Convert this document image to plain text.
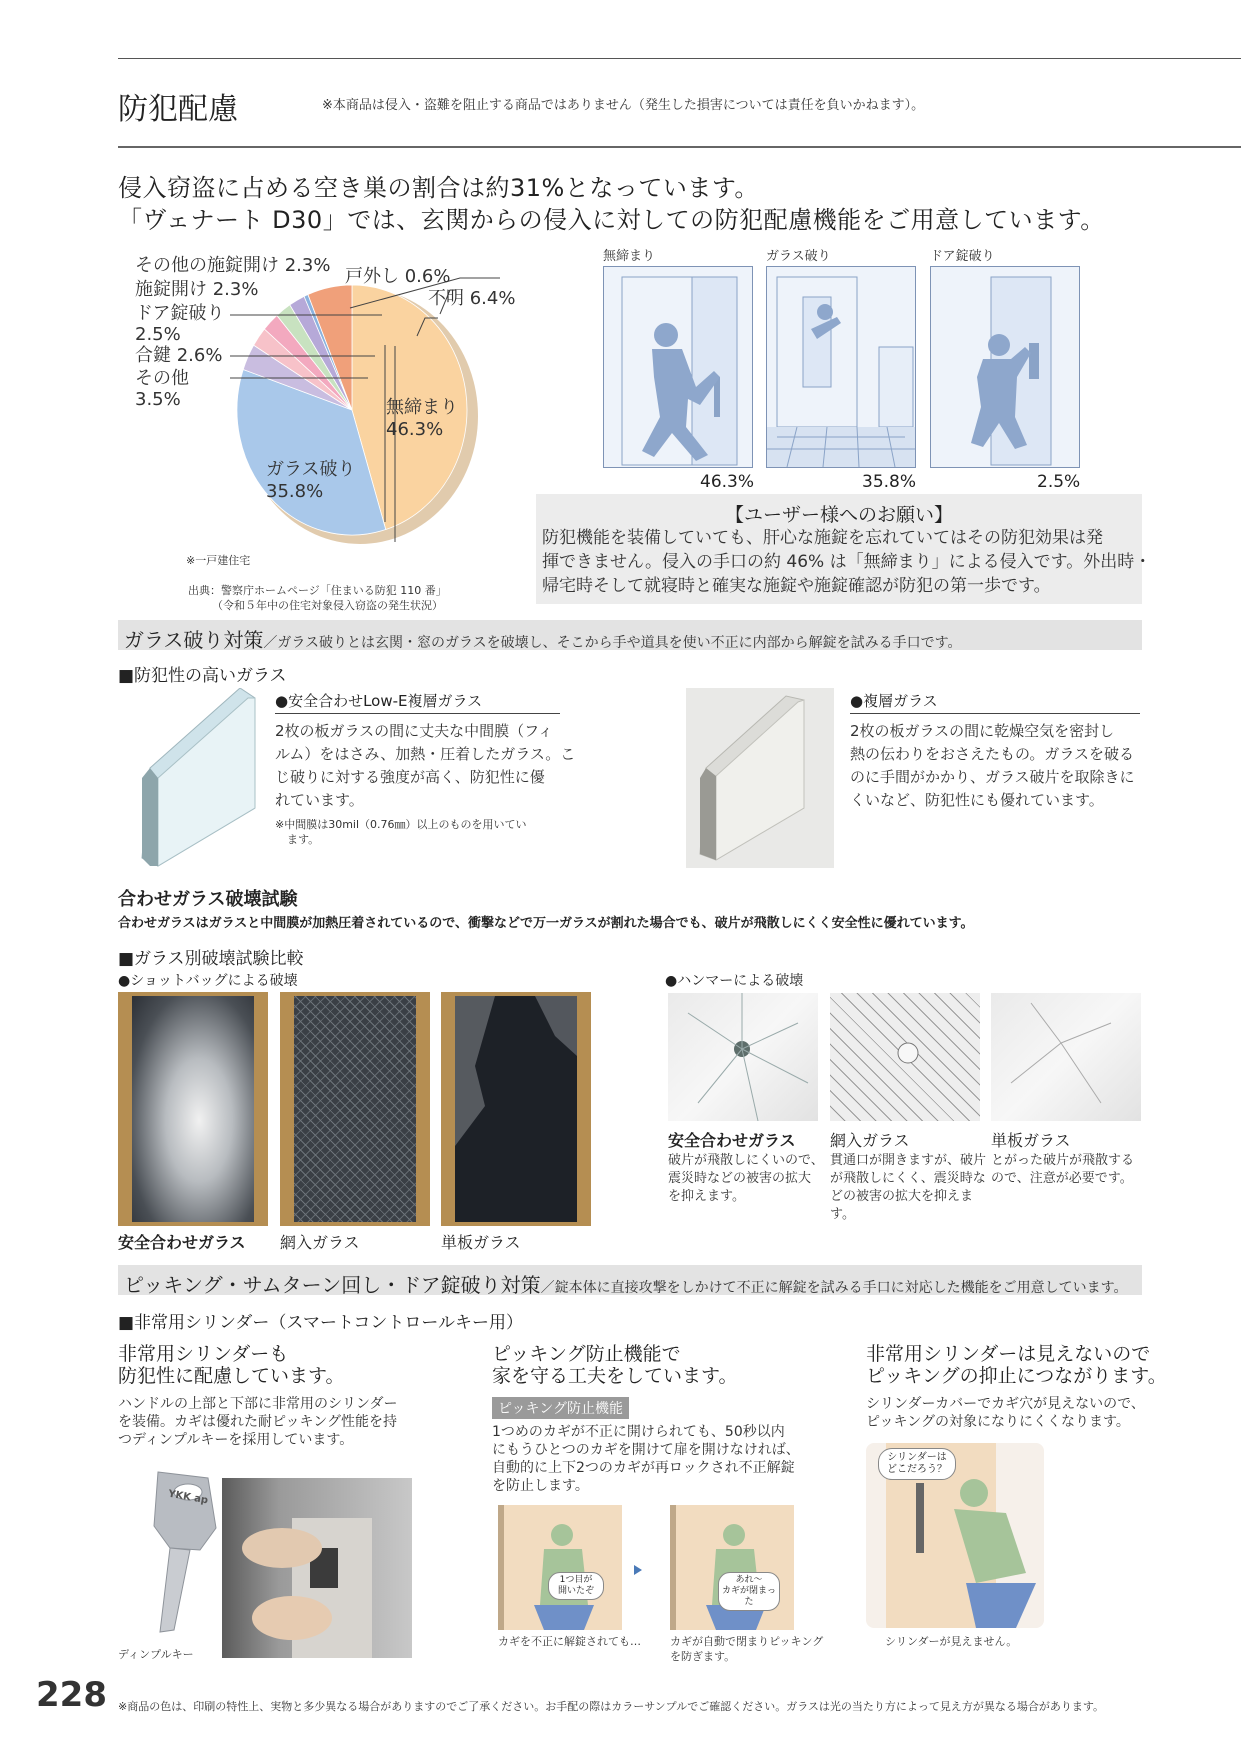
防犯配慮	※本商品は侵入・盗難を阻止する商品ではありません（発生した損害については責任を負いかねます）。
侵入窃盗に占める空き巣の割合は約31%となっています。
「ヴェナート D30」では、玄関からの侵入に対しての防犯配慮機能をご用意しています。
その他の施錠開け 2.3%
施錠開け 2.3%
ドア錠破り
2.5%
合鍵 2.6%
その他
3.5%
戸外し 0.6%
不明 6.4%
無締まり
46.3%
ガラス破り
35.8%
※一戸建住宅
出典：警察庁ホームページ「住まいる防犯 110 番」
（令和５年中の住宅対象侵入窃盗の発生状況）
無締まり	ガラス破り	ドア錠破り
46.3%	35.8%	2.5%
【ユーザー様へのお願い】
防犯機能を装備していても、肝心な施錠を忘れていてはその防犯効果は発
揮できません。侵入の手口の約 46% は「無締まり」による侵入です。外出時・
帰宅時そして就寝時と確実な施錠や施錠確認が防犯の第一歩です。
ガラス破り対策／ガラス破りとは玄関・窓のガラスを破壊し、そこから手や道具を使い不正に内部から解錠を試みる手口です。
■防犯性の高いガラス
●安全合わせLow-E複層ガラス
2枚の板ガラスの間に丈夫な中間膜（フィ
ルム）をはさみ、加熱・圧着したガラス。こ
じ破りに対する強度が高く、防犯性に優
れています。
※中間膜は30mil（0.76㎜）以上のものを用いてい
ます。
●複層ガラス
2枚の板ガラスの間に乾燥空気を密封し
熱の伝わりをおさえたもの。ガラスを破る
のに手間がかかり、ガラス破片を取除きに
くいなど、防犯性にも優れています。
合わせガラス破壊試験
合わせガラスはガラスと中間膜が加熱圧着されているので、衝撃などで万一ガラスが割れた場合でも、破片が飛散しにくく安全性に優れています。
■ガラス別破壊試験比較
●ショットバッグによる破壊	●ハンマーによる破壊
安全合わせガラス 網入ガラス	単板ガラス
安全合わせガラス 網入ガラス	単板ガラス
破片が飛散しにくいので、
震災時などの被害の拡大
を抑えます。
貫通口が開きますが、破片
が飛散しにくく、震災時な
どの被害の拡大を抑えま
す。
とがった破片が飛散する
ので、注意が必要です。
ピッキング・サムターン回し・ドア錠破り対策／錠本体に直接攻撃をしかけて不正に解錠を試みる手口に対応した機能をご用意しています。
■非常用シリンダー（スマートコントロールキー用）
非常用シリンダーも
防犯性に配慮しています。
ハンドルの上部と下部に非常用のシリンダー
を装備。カギは優れた耐ピッキング性能を持
つディンプルキーを採用しています。
YKK ap
ディンプルキー
ピッキング防止機能で
家を守る工夫をしています。
ピッキング防止機能
1つめのカギが不正に開けられても、50秒以内
にもうひとつのカギを開けて扉を開けなければ、
自動的に上下2つのカギが再ロックされ不正解錠
を防止します。
1つ目が
開いたぞ
あれ～
カギが閉まった
カギを不正に解錠されても…	カギが自動で閉まりピッキング
を防ぎます。
非常用シリンダーは見えないので
ピッキングの抑止につながります。
シリンダーカバーでカギ穴が見えないので、
ピッキングの対象になりにくくなります。
シリンダーは
どこだろう？
シリンダーが見えません。
228 ※商品の色は、印刷の特性上、実物と多少異なる場合がありますのでご了承ください。お手配の際はカラーサンプルでご確認ください。ガラスは光の当たり方によって見え方が異なる場合があります。
